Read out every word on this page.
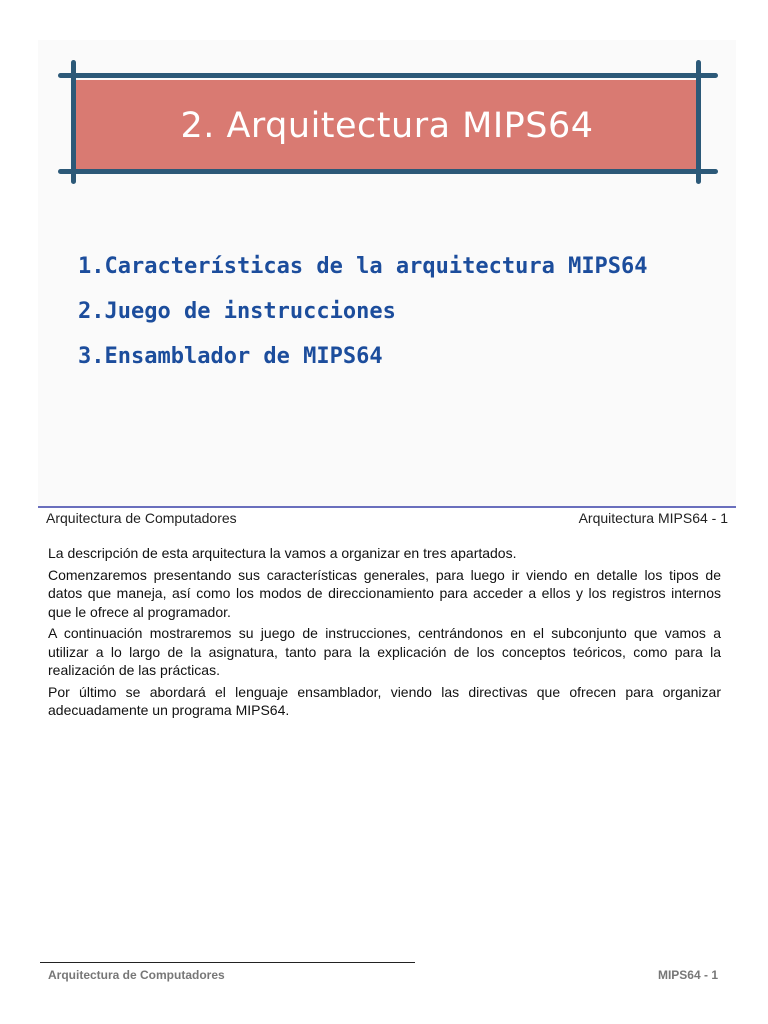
2. Arquitectura MIPS64
1.Características de la arquitectura MIPS64
2.Juego de instrucciones
3.Ensamblador de MIPS64
Arquitectura de Computadores	Arquitectura MIPS64 - 1

La descripción de esta arquitectura la vamos a organizar en tres apartados.

Comenzaremos presentando sus características generales, para luego ir viendo en detalle los tipos de datos que maneja, así como los modos de direccionamiento para acceder a ellos y los registros internos que le ofrece al programador.

A continuación mostraremos su juego de instrucciones, centrándonos en el subconjunto que vamos a utilizar a lo largo de la asignatura, tanto para la explicación de los conceptos teóricos, como para la realización de las prácticas.

Por último se abordará el lenguaje ensamblador, viendo las directivas que ofrecen para organizar adecuadamente un programa MIPS64.

Arquitectura de Computadores	MIPS64 - 1
